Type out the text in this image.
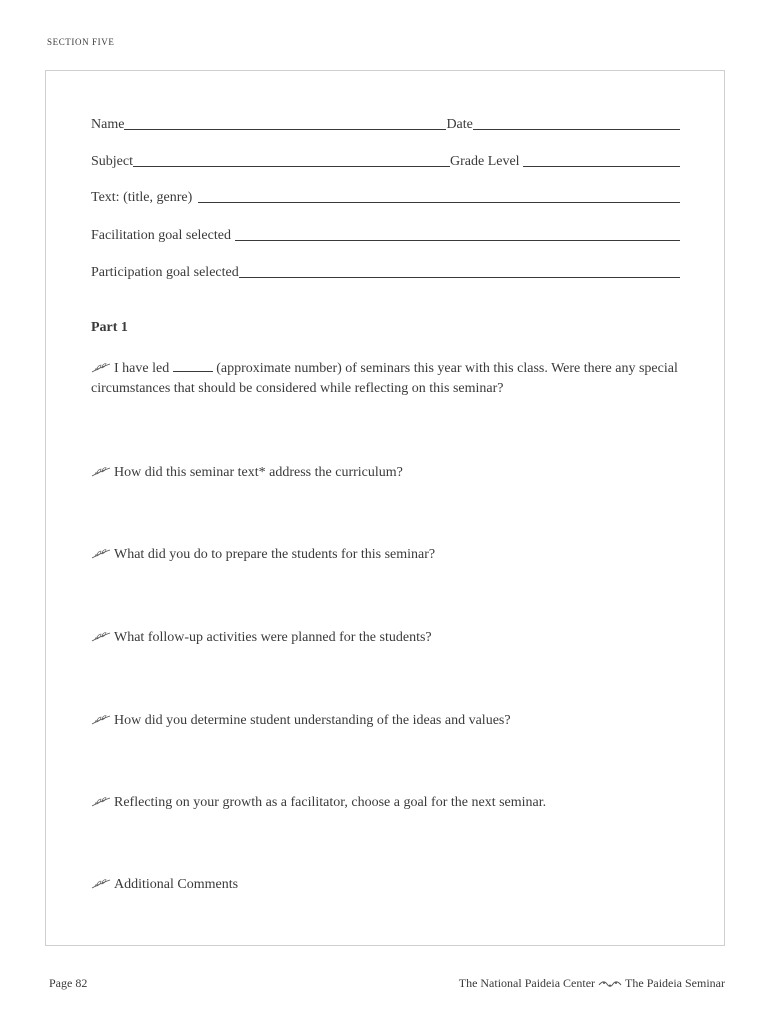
SECTION FIVE
Name	Date
Subject	Grade Level
Text: (title, genre)
Facilitation goal selected
Participation goal selected
Part 1
I have led	(approximate number) of seminars this year with this class. Were there any special circumstances that should be considered while reflecting on this seminar?
How did this seminar text* address the curriculum?
What did you do to prepare the students for this seminar?
What follow-up activities were planned for the students?
How did you determine student understanding of the ideas and values?
Reflecting on your growth as a facilitator, choose a goal for the next seminar.
Additional Comments
Page 82	The National Paideia Center	The Paideia Seminar
